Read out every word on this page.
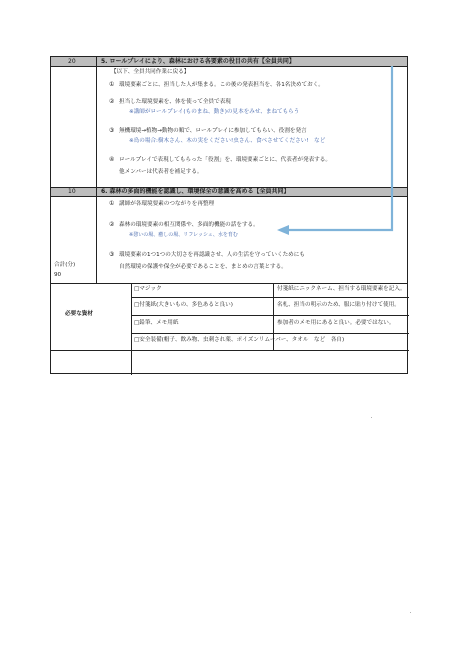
20	5. ロールプレイにより、森林における各要素の役目の共有【全員共同】
【以下、全員共同作業に戻る】
① 環境要素ごとに、担当した人が集まる。この後の発表担当を、各1名決めておく。
② 担当した環境要素を、体を使って全員で表現
※講師がロールプレイ(ものまね、動き)の見本をみせ、まねてもらう
③ 無機環境→植物→動物の順で、ロールプレイに参加してもらい、役割を発言
※鳥の場合:樹木さん、木の実をください!虫さん、食べさせてください!　など
④ ロールプレイで表現してもらった「役割」を、環境要素ごとに、代表者が発表する。
他メンバーは代表者を補足する。
10	6. 森林の多面的機能を認識し、環境保全の意識を高める【全員共同】
① 講師が各環境要素のつながりを再整理
② 森林の環境要素の相互関係や、多面的機能の話をする。
※憩いの場、癒しの場、リフレッシュ、水を育む
③ 環境要素の1つ1つの大切さを再認識させ、人の生活を守っていくためにも
自然環境の保護や保全が必要であることを、まとめの言葉とする。
合計(分)
90
必要な資材
□マジック	付箋紙にニックネーム、担当する環境要素を記入。
□付箋紙(大きいもの、多色あると良い)	名札、担当の明示のため、服に貼り付けて使用。
□鉛筆、メモ用紙	参加者のメモ用にあると良い。必要ではない。
□安全装備(帽子、飲み物、虫刺され薬、ポイズンリムーバー、タオル　など　各自)
